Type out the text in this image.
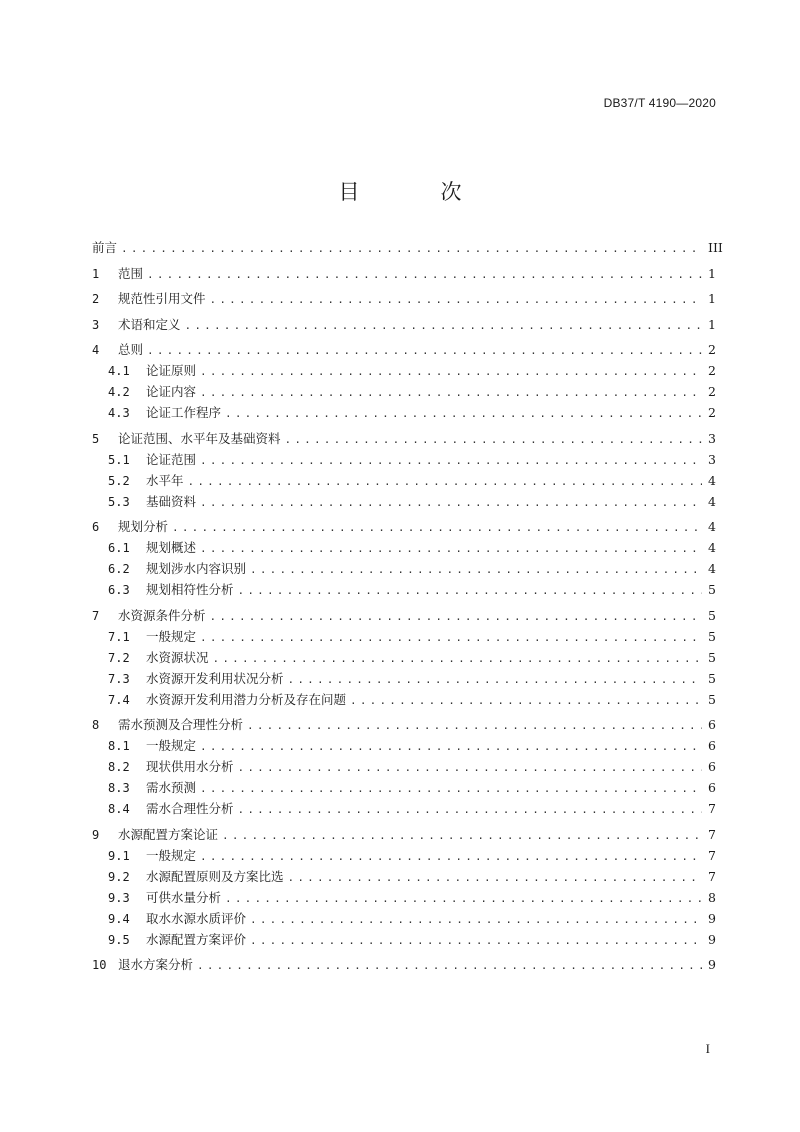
DB37/T 4190—2020
目　次
前言 .....	III
1	范围 .....	1
2	规范性引用文件 .....	1
3	术语和定义 .....	1
4	总则 .....	2
4.1	论证原则 .....	2
4.2	论证内容 .....	2
4.3	论证工作程序 .....	2
5	论证范围、水平年及基础资料 .....	3
5.1	论证范围 .....	3
5.2	水平年 .....	4
5.3	基础资料 .....	4
6	规划分析 .....	4
6.1	规划概述 .....	4
6.2	规划涉水内容识别 .....	4
6.3	规划相符性分析 .....	5
7	水资源条件分析 .....	5
7.1	一般规定 .....	5
7.2	水资源状况 .....	5
7.3	水资源开发利用状况分析 .....	5
7.4	水资源开发利用潜力分析及存在问题 .....	5
8	需水预测及合理性分析 .....	6
8.1	一般规定 .....	6
8.2	现状供用水分析 .....	6
8.3	需水预测 .....	6
8.4	需水合理性分析 .....	7
9	水源配置方案论证 .....	7
9.1	一般规定 .....	7
9.2	水源配置原则及方案比选 .....	7
9.3	可供水量分析 .....	8
9.4	取水水源水质评价 .....	9
9.5	水源配置方案评价 .....	9
10 退水方案分析 .....	9
I
